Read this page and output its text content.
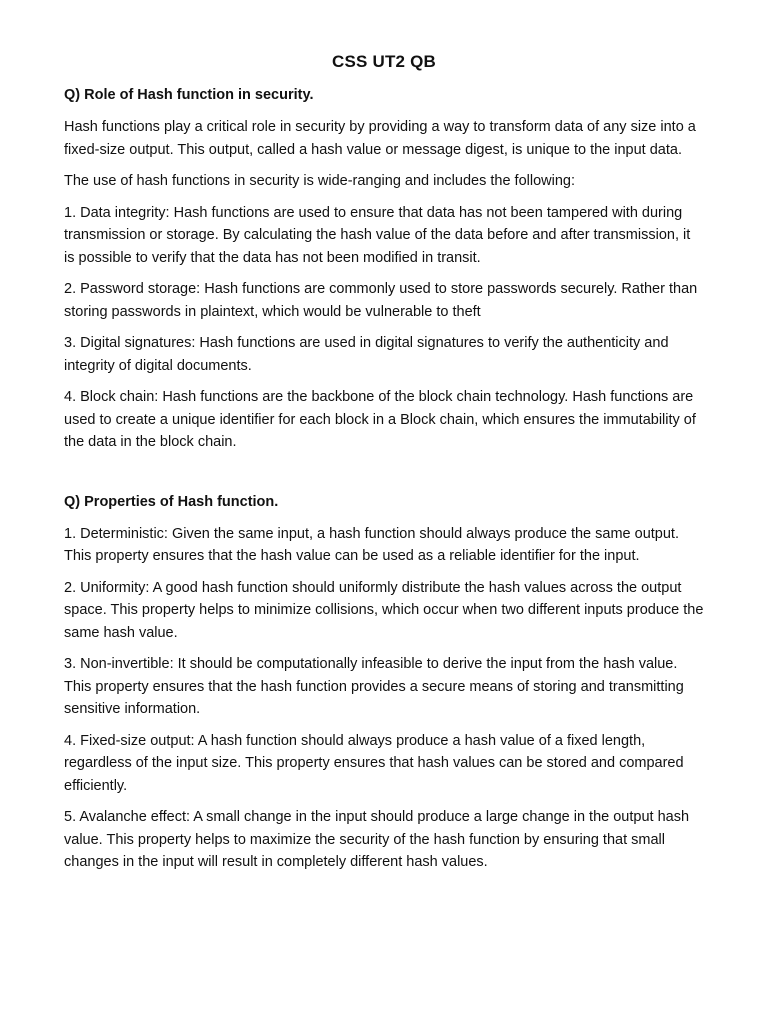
CSS UT2 QB
Q) Role of Hash function in security.

Hash functions play a critical role in security by providing a way to transform data of any size into a fixed-size output. This output, called a hash value or message digest, is unique to the input data.

The use of hash functions in security is wide-ranging and includes the following:

1. Data integrity: Hash functions are used to ensure that data has not been tampered with during transmission or storage. By calculating the hash value of the data before and after transmission, it is possible to verify that the data has not been modified in transit.

2. Password storage: Hash functions are commonly used to store passwords securely. Rather than storing passwords in plaintext, which would be vulnerable to theft

3. Digital signatures: Hash functions are used in digital signatures to verify the authenticity and integrity of digital documents.

4. Block chain: Hash functions are the backbone of the block chain technology. Hash functions are used to create a unique identifier for each block in a Block chain, which ensures the immutability of the data in the block chain.

Q) Properties of Hash function.

1. Deterministic: Given the same input, a hash function should always produce the same output. This property ensures that the hash value can be used as a reliable identifier for the input.

2. Uniformity: A good hash function should uniformly distribute the hash values across the output space. This property helps to minimize collisions, which occur when two different inputs produce the same hash value.

3. Non-invertible: It should be computationally infeasible to derive the input from the hash value. This property ensures that the hash function provides a secure means of storing and transmitting sensitive information.

4. Fixed-size output: A hash function should always produce a hash value of a fixed length, regardless of the input size. This property ensures that hash values can be stored and compared efficiently.

5. Avalanche effect: A small change in the input should produce a large change in the output hash value. This property helps to maximize the security of the hash function by ensuring that small changes in the input will result in completely different hash values.
